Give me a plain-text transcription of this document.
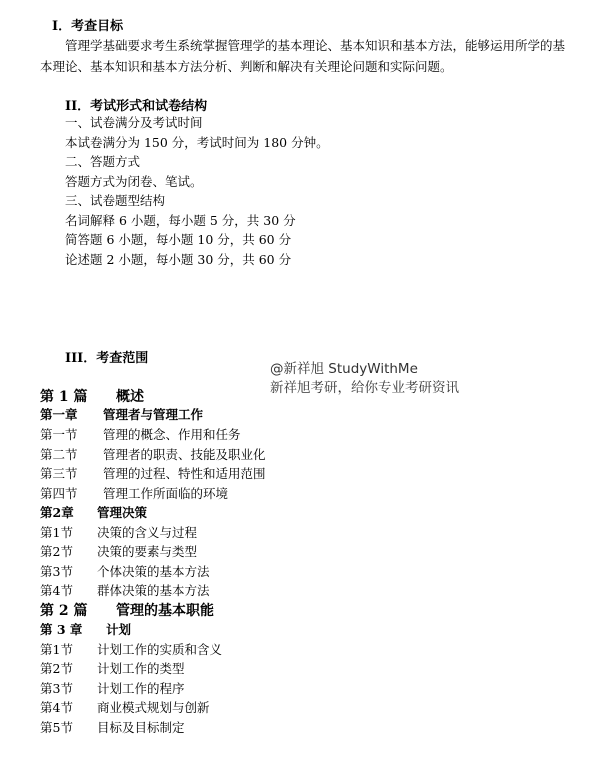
I．考查目标
管理学基础要求考生系统掌握管理学的基本理论、基本知识和基本方法，能够运用所学的基本理论、基本知识和基本方法分析、判断和解决有关理论问题和实际问题。
II．考试形式和试卷结构
一、试卷满分及考试时间
本试卷满分为 150 分，考试时间为 180 分钟。
二、答题方式
答题方式为闭卷、笔试。
三、试卷题型结构
名词解释 6 小题，每小题 5 分，共 30 分
简答题 6 小题，每小题 10 分，共 60 分
论述题 2 小题，每小题 30 分，共 60 分
III．考查范围
@新祥旭 StudyWithMe
新祥旭考研，给你专业考研资讯
第 1 篇 概述
第一章 管理者与管理工作
第一节 管理的概念、作用和任务
第二节 管理者的职责、技能及职业化
第三节 管理的过程、特性和适用范围
第四节 管理工作所面临的环境
第2章 管理决策
第1节 决策的含义与过程
第2节 决策的要素与类型
第3节 个体决策的基本方法
第4节 群体决策的基本方法
第 2 篇 管理的基本职能
第 3 章 计划
第1节 计划工作的实质和含义
第2节 计划工作的类型
第3节 计划工作的程序
第4节 商业模式规划与创新
第5节 目标及目标制定
